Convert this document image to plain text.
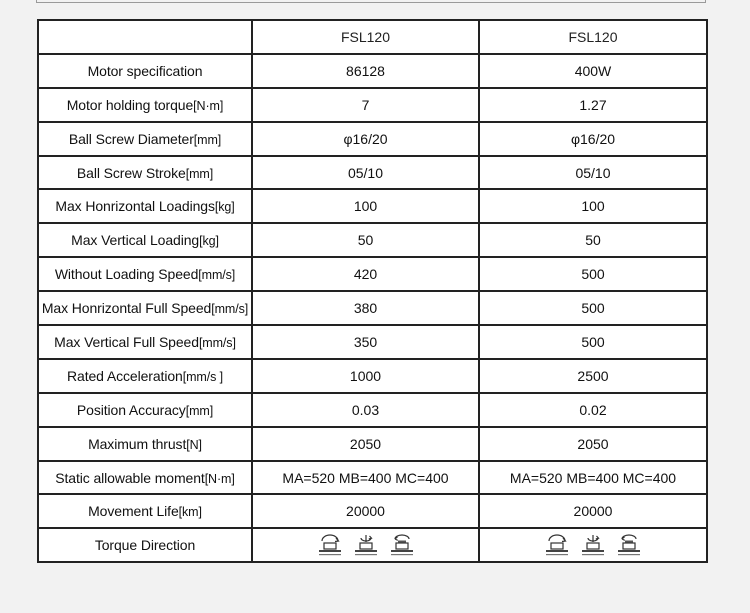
	FSL120	FSL120
Motor specification	86128	400W
Motor holding torque[N·m]	7	1.27
Ball Screw Diameter[mm]	φ16/20	φ16/20
Ball Screw Stroke[mm]	05/10	05/10
Max Honrizontal Loadings[kg]	100	100
Max Vertical Loading[kg]	50	50
Without Loading Speed[mm/s]	420	500
Max Honrizontal Full Speed[mm/s]	380	500
Max Vertical Full Speed[mm/s]	350	500
Rated Acceleration[mm/s ]	1000	2500
Position Accuracy[mm]	0.03	0.02
Maximum thrust[N]	2050	2050
Static allowable moment[N·m]	MA=520 MB=400 MC=400	MA=520 MB=400 MC=400
Movement Life[km]	20000	20000
Torque Direction	
